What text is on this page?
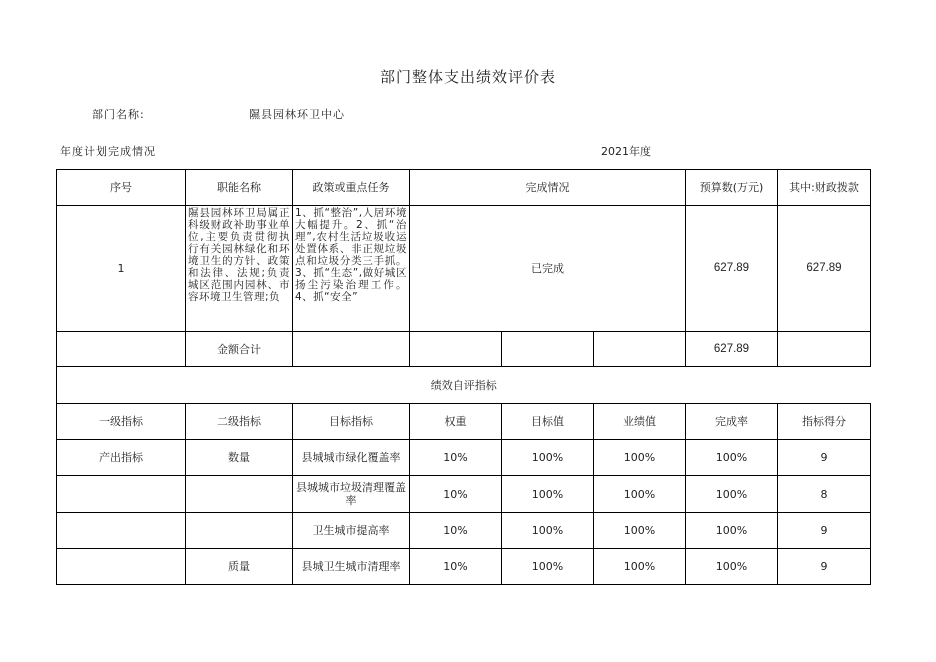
部门整体支出绩效评价表
部门名称:	隰县园林环卫中心
年度计划完成情况	2021年度
序号	职能名称	政策或重点任务	完成情况			预算数(万元)	其中:财政拨款
1	隰县园林环卫局属正科级财政补助事业单位,主要负责贯彻执行有关园林绿化和环境卫生的方针、政策和法律、法规;负责城区范围内园林、市容环境卫生管理;负	1、抓“整治”,人居环境大幅提升。2、抓“治理”,农村生活垃圾收运处置体系、非正规垃圾点和垃圾分类三手抓。3、抓“生态”,做好城区扬尘污染治理工作。4、抓“安全”	已完成			627.89	627.89
	金额合计					627.89	
绩效自评指标							
一级指标	二级指标	目标指标	权重	目标值	业绩值	完成率	指标得分
产出指标	数量	县城城市绿化覆盖率	10%	100%	100%	100%	9
		县城城市垃圾清理覆盖率	10%	100%	100%	100%	8
		卫生城市提高率	10%	100%	100%	100%	9
	质量	县城卫生城市清理率	10%	100%	100%	100%	9
